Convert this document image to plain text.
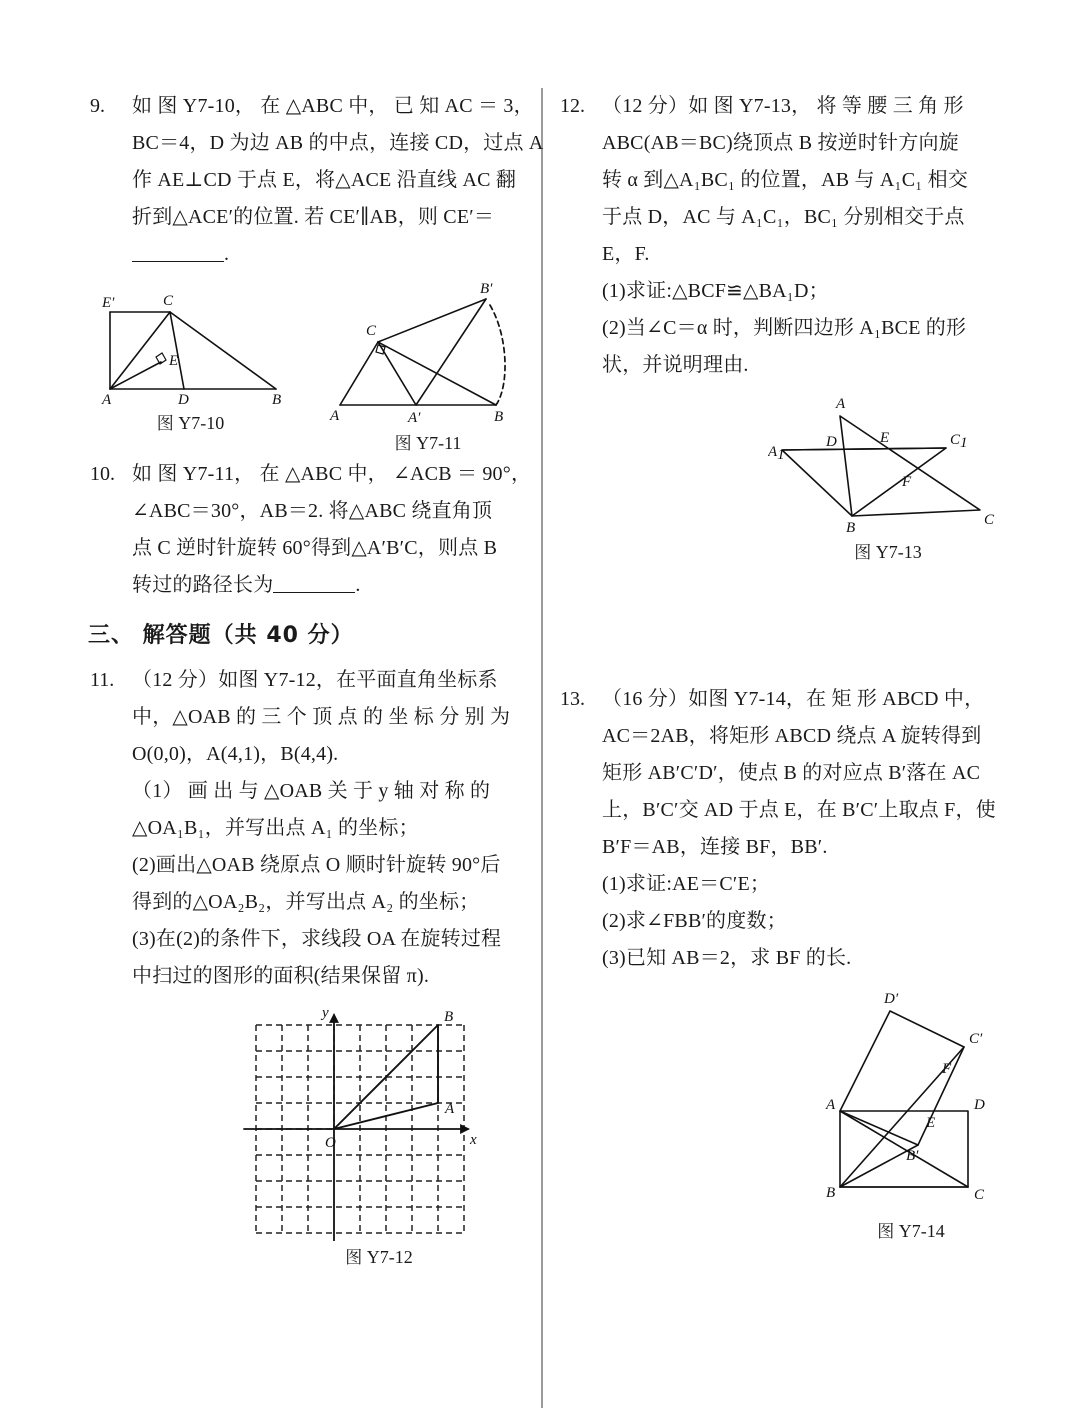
9.	如 图 Y7-10， 在 △ABC 中， 已 知 AC ＝ 3，
BC＝4，D 为边 AB 的中点，连接 CD，过点 A
作 AE⊥CD 于点 E，将△ACE 沿直线 AC 翻
折到△ACE′的位置. 若 CE′∥AB，则 CE′＝
.
E′	C
E
A	D	B
图 Y7-10
B′
C
A	A′	B
图 Y7-11
10. 如 图 Y7-11， 在 △ABC 中， ∠ACB ＝ 90°，
∠ABC＝30°，AB＝2. 将△ABC 绕直角顶
点 C 逆时针旋转 60°得到△A′B′C，则点 B
转过的路径长为	.
三、 解答题（共 40 分）
11. （12 分）如图 Y7-12，在平面直角坐标系
中，△OAB 的 三 个 顶 点 的 坐 标 分 别 为
O(0,0)，A(4,1)，B(4,4).
（1） 画 出 与 △OAB 关 于 y 轴 对 称 的
△OA₁B₁，并写出点 A₁ 的坐标；
(2)画出△OAB 绕原点 O 顺时针旋转 90°后
得到的△OA₂B₂，并写出点 A₂ 的坐标；
(3)在(2)的条件下，求线段 OA 在旋转过程
中扫过的图形的面积(结果保留 π).
O
A
B
y
x
图 Y7-12
12. （12 分）如 图 Y7-13， 将 等 腰 三 角 形
ABC(AB＝BC)绕顶点 B 按逆时针方向旋
转 α 到△A₁BC₁ 的位置，AB 与 A₁C₁ 相交
于点 D，AC 与 A₁C₁，BC₁ 分别相交于点
E，F.
(1)求证:△BCF≌△BA₁D；
(2)当∠C＝α 时，判断四边形 A₁BCE 的形
状，并说明理由.
A
D	E	C1
A1
F
B	C
图 Y7-13
13. （16 分）如图 Y7-14，在 矩 形 ABCD 中，
AC＝2AB，将矩形 ABCD 绕点 A 旋转得到
矩形 AB′C′D′，使点 B 的对应点 B′落在 AC
上，B′C′交 AD 于点 E，在 B′C′上取点 F，使
B′F＝AB，连接 BF，BB′.
(1)求证:AE＝C′E；
(2)求∠FBB′的度数；
(3)已知 AB＝2，求 BF 的长.
D′
C′
F
A
E
D
B′
B	C
图 Y7-14
